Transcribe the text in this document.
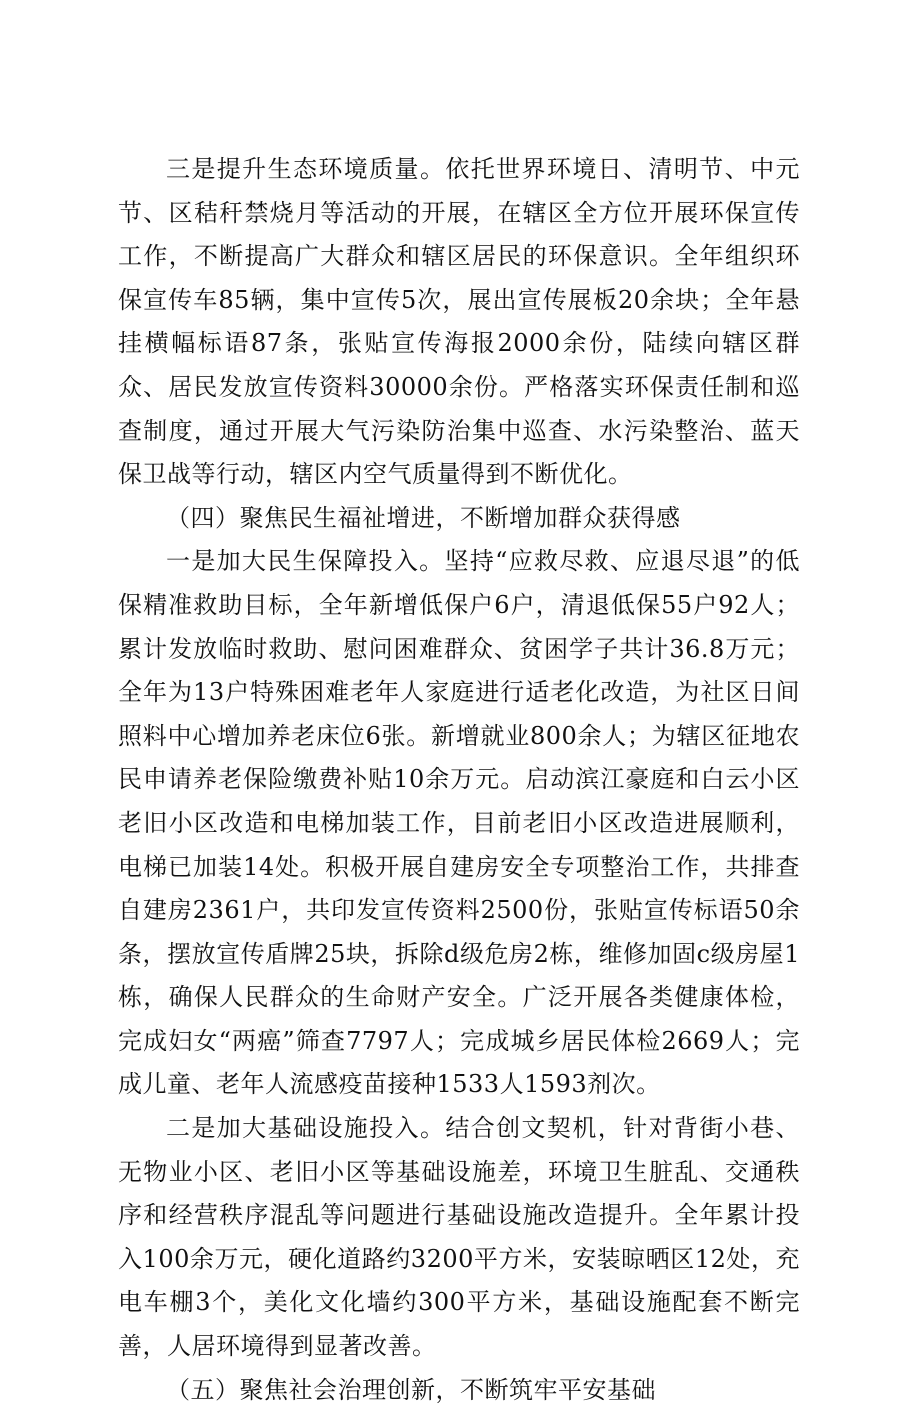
三是提升生态环境质量。依托世界环境日、清明节、中元节、区秸秆禁烧月等活动的开展，在辖区全方位开展环保宣传工作，不断提高广大群众和辖区居民的环保意识。全年组织环保宣传车85辆，集中宣传5次，展出宣传展板20余块；全年悬挂横幅标语87条，张贴宣传海报2000余份，陆续向辖区群众、居民发放宣传资料30000余份。严格落实环保责任制和巡查制度，通过开展大气污染防治集中巡查、水污染整治、蓝天保卫战等行动，辖区内空气质量得到不断优化。

（四）聚焦民生福祉增进，不断增加群众获得感

一是加大民生保障投入。坚持“应救尽救、应退尽退”的低保精准救助目标，全年新增低保户6户，清退低保55户92人；累计发放临时救助、慰问困难群众、贫困学子共计36.8万元；全年为13户特殊困难老年人家庭进行适老化改造，为社区日间照料中心增加养老床位6张。新增就业800余人；为辖区征地农民申请养老保险缴费补贴10余万元。启动滨江豪庭和白云小区老旧小区改造和电梯加装工作，目前老旧小区改造进展顺利，电梯已加装14处。积极开展自建房安全专项整治工作，共排查自建房2361户，共印发宣传资料2500份，张贴宣传标语50余条，摆放宣传盾牌25块，拆除d级危房2栋，维修加固c级房屋1栋，确保人民群众的生命财产安全。广泛开展各类健康体检，完成妇女“两癌”筛查7797人；完成城乡居民体检2669人；完成儿童、老年人流感疫苗接种1533人1593剂次。

二是加大基础设施投入。结合创文契机，针对背街小巷、无物业小区、老旧小区等基础设施差，环境卫生脏乱、交通秩序和经营秩序混乱等问题进行基础设施改造提升。全年累计投入100余万元，硬化道路约3200平方米，安装晾晒区12处，充电车棚3个，美化文化墙约300平方米，基础设施配套不断完善，人居环境得到显著改善。

（五）聚焦社会治理创新，不断筑牢平安基础
